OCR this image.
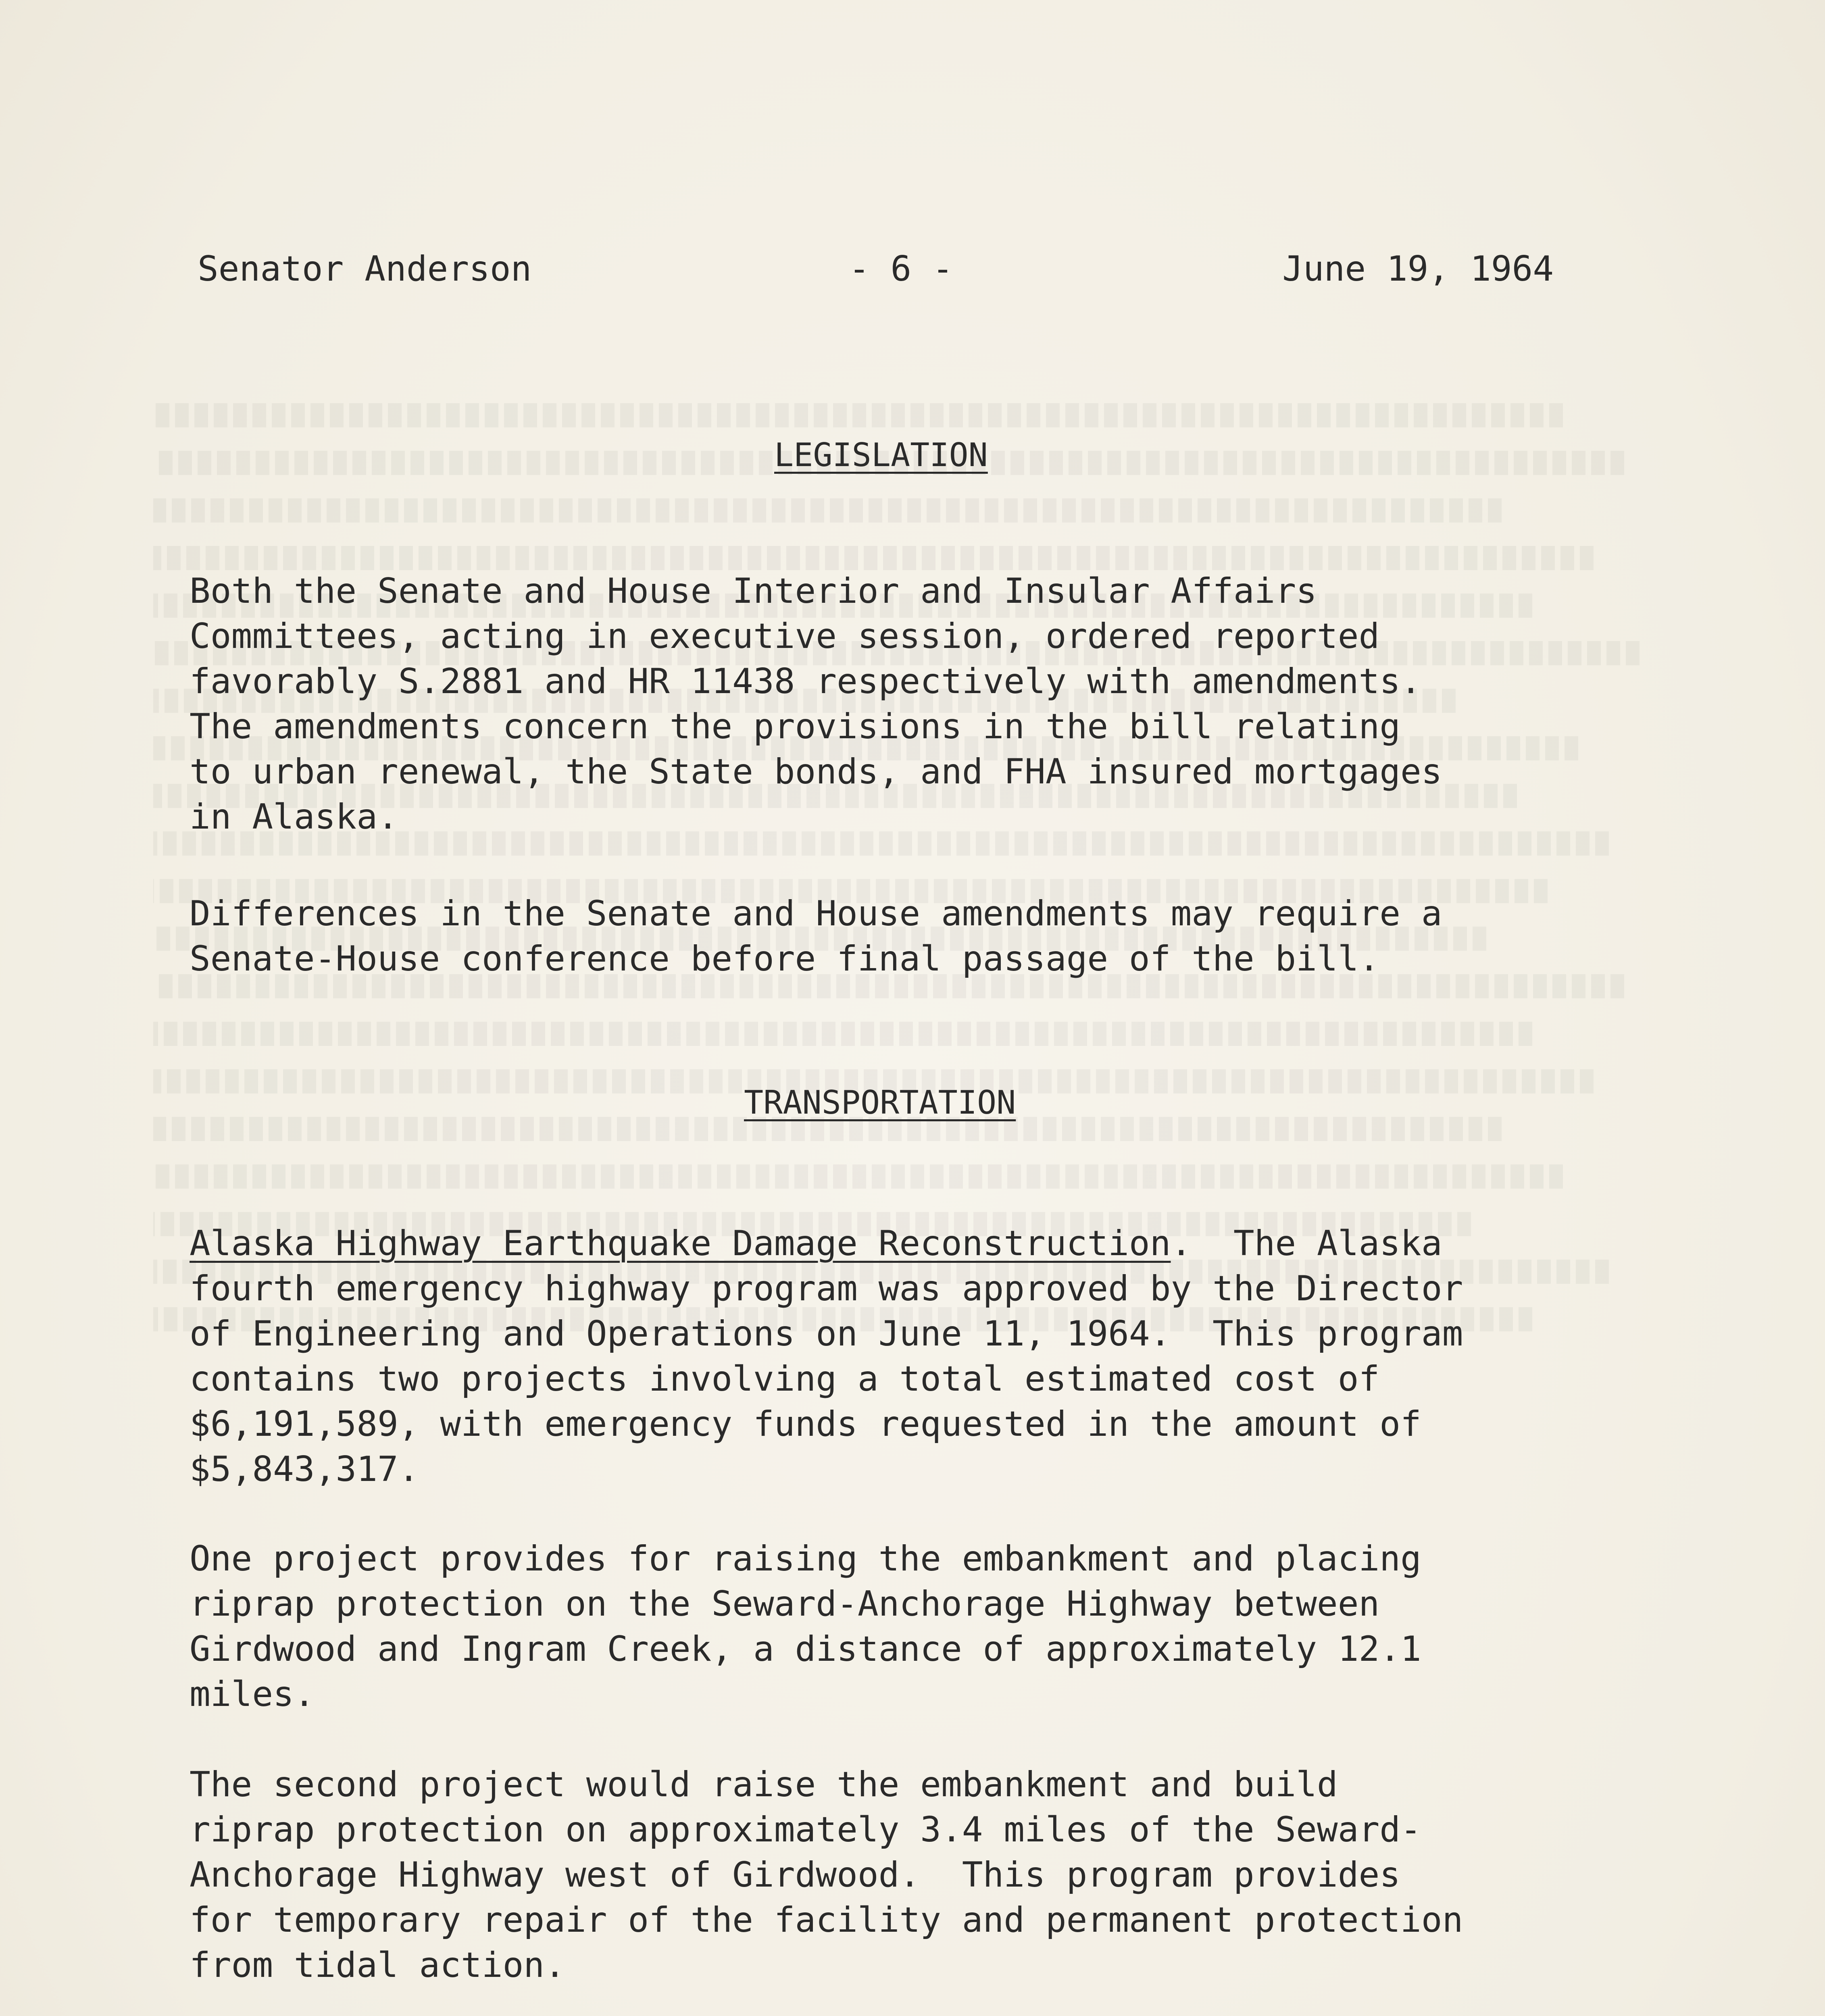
Senator Anderson	- 6 -	June 19, 1964
LEGISLATION
Both the Senate and House Interior and Insular Affairs
Committees, acting in executive session, ordered reported
favorably S.2881 and HR 11438 respectively with amendments.
The amendments concern the provisions in the bill relating
to urban renewal, the State bonds, and FHA insured mortgages
in Alaska.
Differences in the Senate and House amendments may require a
Senate-House conference before final passage of the bill.
TRANSPORTATION
Alaska Highway Earthquake Damage Reconstruction.  The Alaska
fourth emergency highway program was approved by the Director
of Engineering and Operations on June 11, 1964.  This program
contains two projects involving a total estimated cost of
$6,191,589, with emergency funds requested in the amount of
$5,843,317.
One project provides for raising the embankment and placing
riprap protection on the Seward-Anchorage Highway between
Girdwood and Ingram Creek, a distance of approximately 12.1
miles.
The second project would raise the embankment and build
riprap protection on approximately 3.4 miles of the Seward-
Anchorage Highway west of Girdwood.  This program provides
for temporary repair of the facility and permanent protection
from tidal action.
